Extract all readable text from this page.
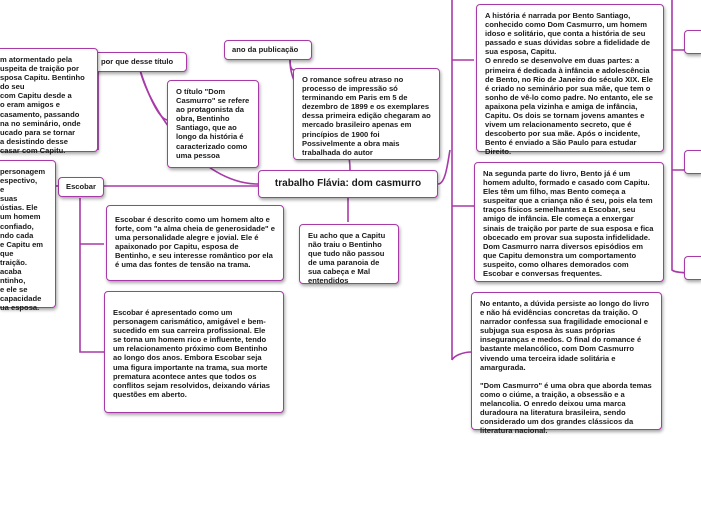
trabalho Flávia: dom casmurro
por que desse título
ano da publicação
Escobar
m atormentado pela
uspeita de traição por
sposa Capitu. Bentinho
do seu
com Capitu desde a
o eram amigos e
casamento, passando
na no seminário, onde
ucado para se tornar
a desistindo desse
casar com Capitu.
O título "Dom Casmurro" se refere ao protagonista da obra, Bentinho Santiago, que ao longo da história é caracterizado como uma pessoa
O romance sofreu atraso no processo de impressão só terminando em Paris em 5 de dezembro de 1899 e os exemplares dessa primeira edição chegaram ao mercado brasileiro apenas em princípios de 1900 foi Possivelmente a obra mais trabalhada do autor
personagem
espectivo,
e
suas
ústias. Ele
um homem
confiado,
ndo cada
e Capitu em
que
traição.
acaba
ntinho,
e ele se
capacidade
ua esposa.
Escobar é descrito como um homem alto e forte, com "a alma cheia de generosidade" e uma personalidade alegre e jovial. Ele é apaixonado por Capitu, esposa de Bentinho, e seu interesse romântico por ela é uma das fontes de tensão na trama.
Escobar é apresentado como um personagem carismático, amigável e bem-sucedido em sua carreira profissional. Ele se torna um homem rico e influente, tendo um relacionamento próximo com Bentinho ao longo dos anos. Embora Escobar seja uma figura importante na trama, sua morte prematura acontece antes que todos os conflitos sejam resolvidos, deixando várias questões em aberto.
Eu acho que a Capitu não traiu o Bentinho que tudo não passou de uma paranoia de sua cabeça e Mal entendidos
A história é narrada por Bento Santiago, conhecido como Dom Casmurro, um homem idoso e solitário, que conta a história de seu passado e suas dúvidas sobre a fidelidade de sua esposa, Capitu.
O enredo se desenvolve em duas partes: a primeira é dedicada à infância e adolescência de Bento, no Rio de Janeiro do século XIX. Ele é criado no seminário por sua mãe, que tem o sonho de vê-lo como padre. No entanto, ele se apaixona pela vizinha e amiga de infância, Capitu. Os dois se tornam jovens amantes e vivem um relacionamento secreto, que é descoberto por sua mãe. Após o incidente, Bento é enviado a São Paulo para estudar Direito.
Na segunda parte do livro, Bento já é um homem adulto, formado e casado com Capitu. Eles têm um filho, mas Bento começa a suspeitar que a criança não é seu, pois ela tem traços físicos semelhantes a Escobar, seu amigo de infância. Ele começa a enxergar sinais de traição por parte de sua esposa e fica obcecado em provar sua suposta infidelidade. Dom Casmurro narra diversos episódios em que Capitu demonstra um comportamento suspeito, como olhares demorados com Escobar e conversas frequentes.
No entanto, a dúvida persiste ao longo do livro e não há evidências concretas da traição. O narrador confessa sua fragilidade emocional e subjuga sua esposa às suas próprias inseguranças e medos. O final do romance é bastante melancólico, com Dom Casmurro vivendo uma terceira idade solitária e amargurada.

"Dom Casmurro" é uma obra que aborda temas como o ciúme, a traição, a obsessão e a melancolia. O enredo deixou uma marca duradoura na literatura brasileira, sendo considerado um dos grandes clássicos da literatura nacional.
